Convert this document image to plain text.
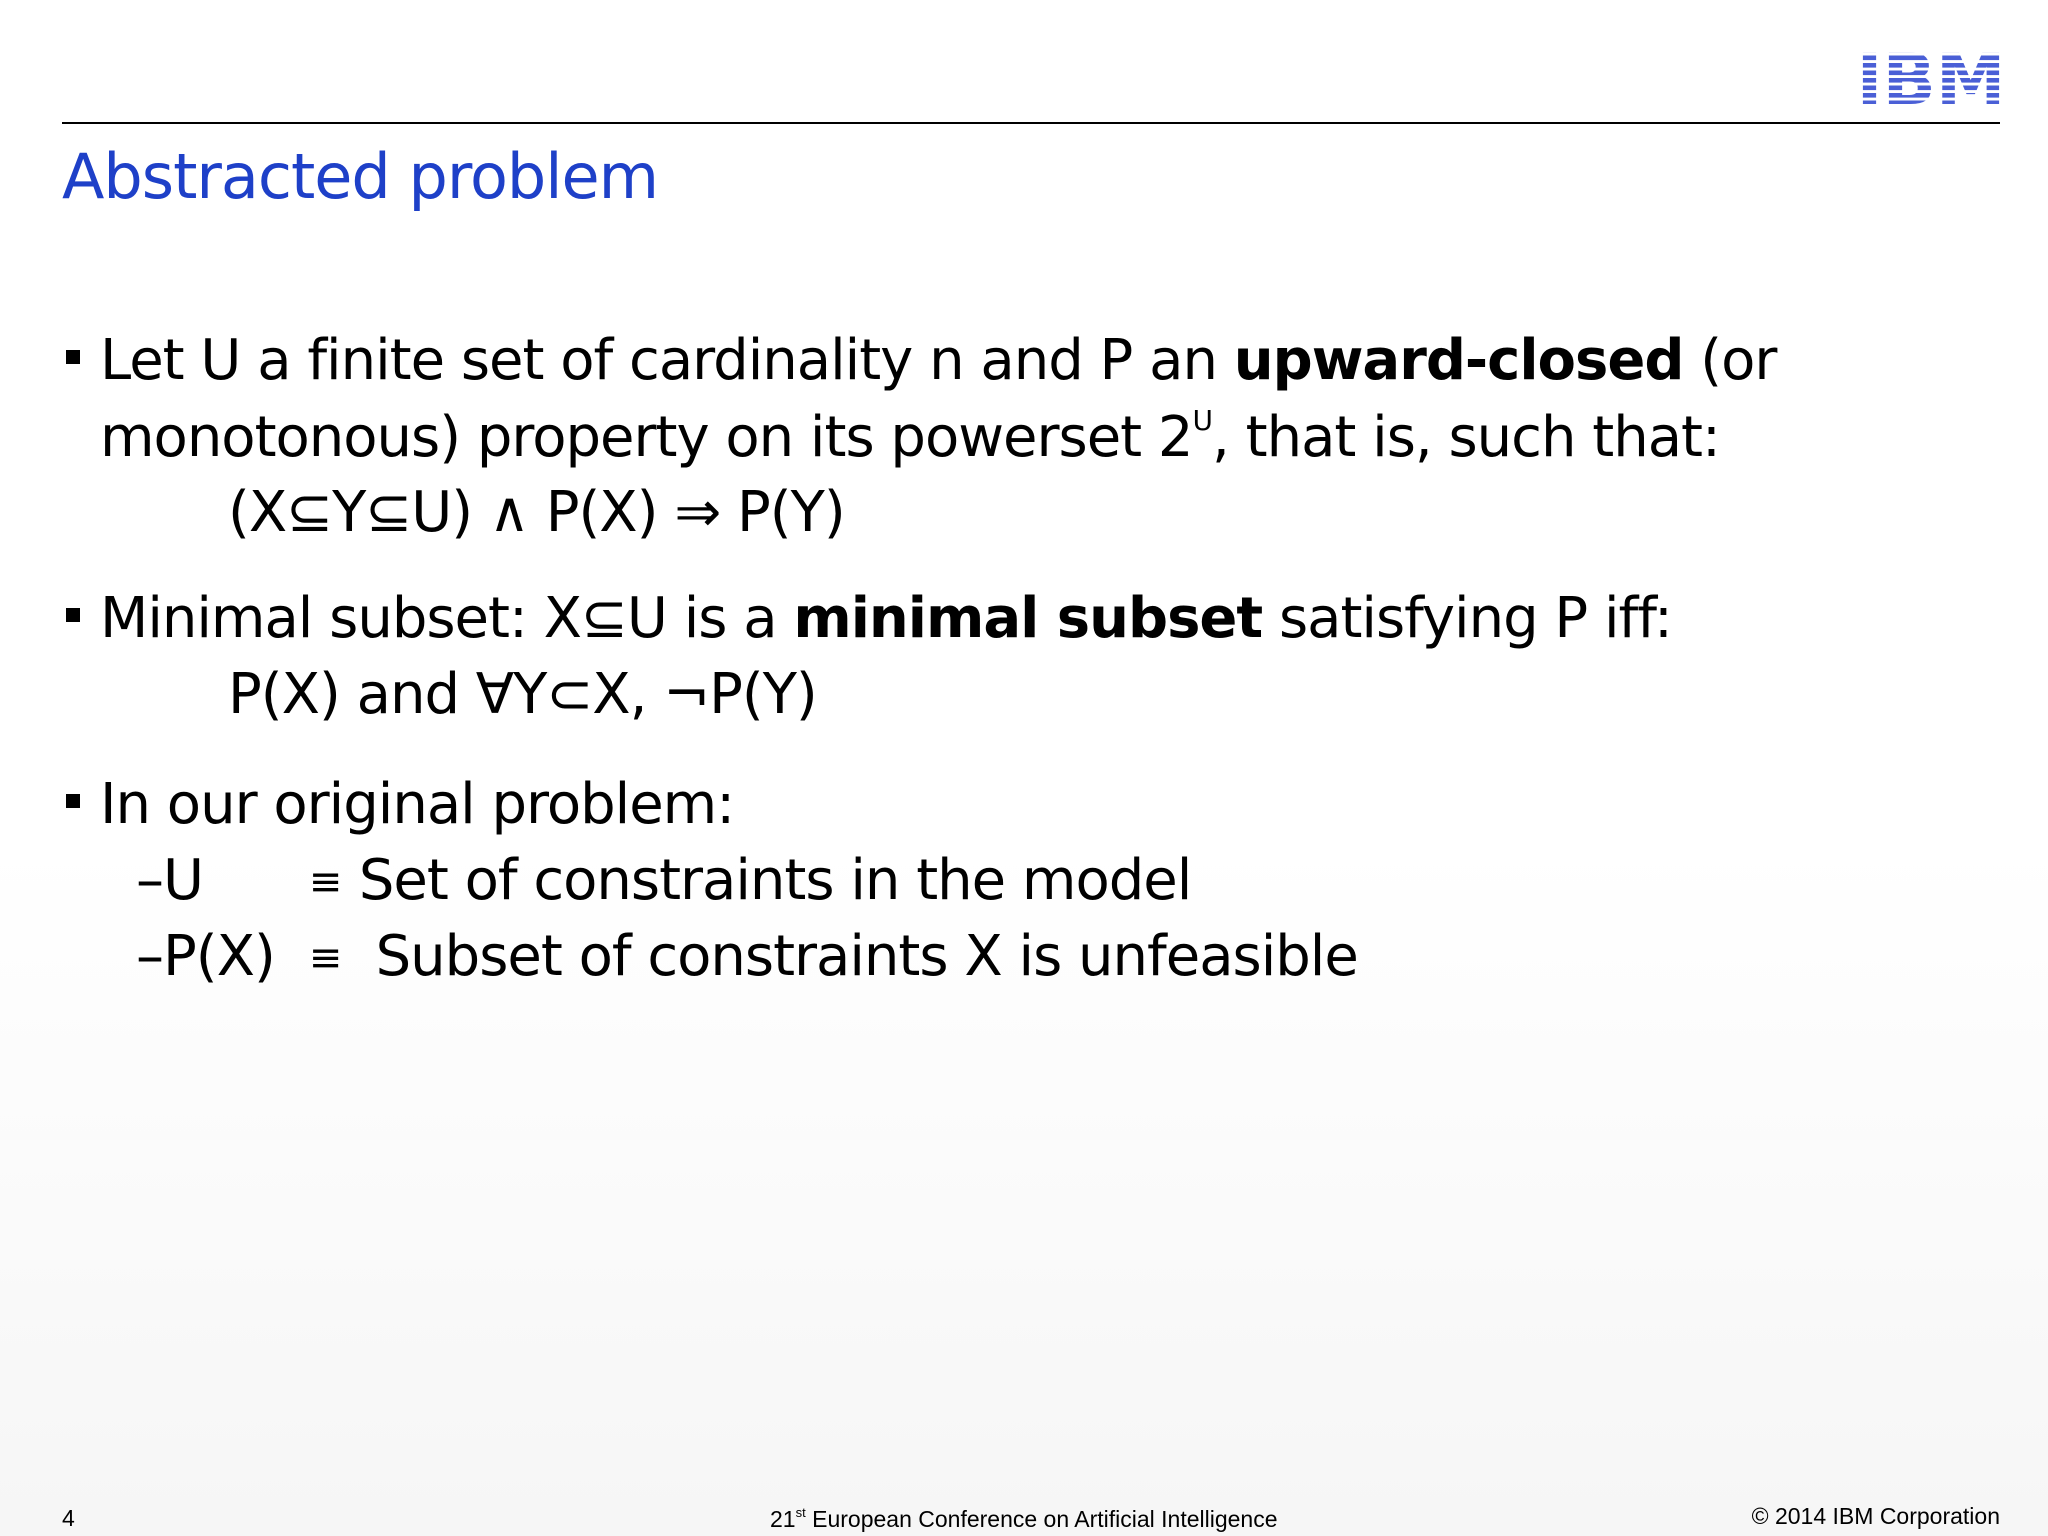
Abstracted problem
Let U a finite set of cardinality n and P an upward-closed (or
monotonous) property on its powerset $2^U$, that is, such that:
(X⊆Y⊆U) ∧ P(X) ⇒ P(Y)
Minimal subset: X⊆U is a minimal subset satisfying P iff:
P(X) and ∀Y⊂X, ¬P(Y)
In our original problem:
–U	≡ Set of constraints in the model
–P(X) ≡ Subset of constraints X is unfeasible
4	21st European Conference on Artificial Intelligence	© 2014 IBM Corporation
